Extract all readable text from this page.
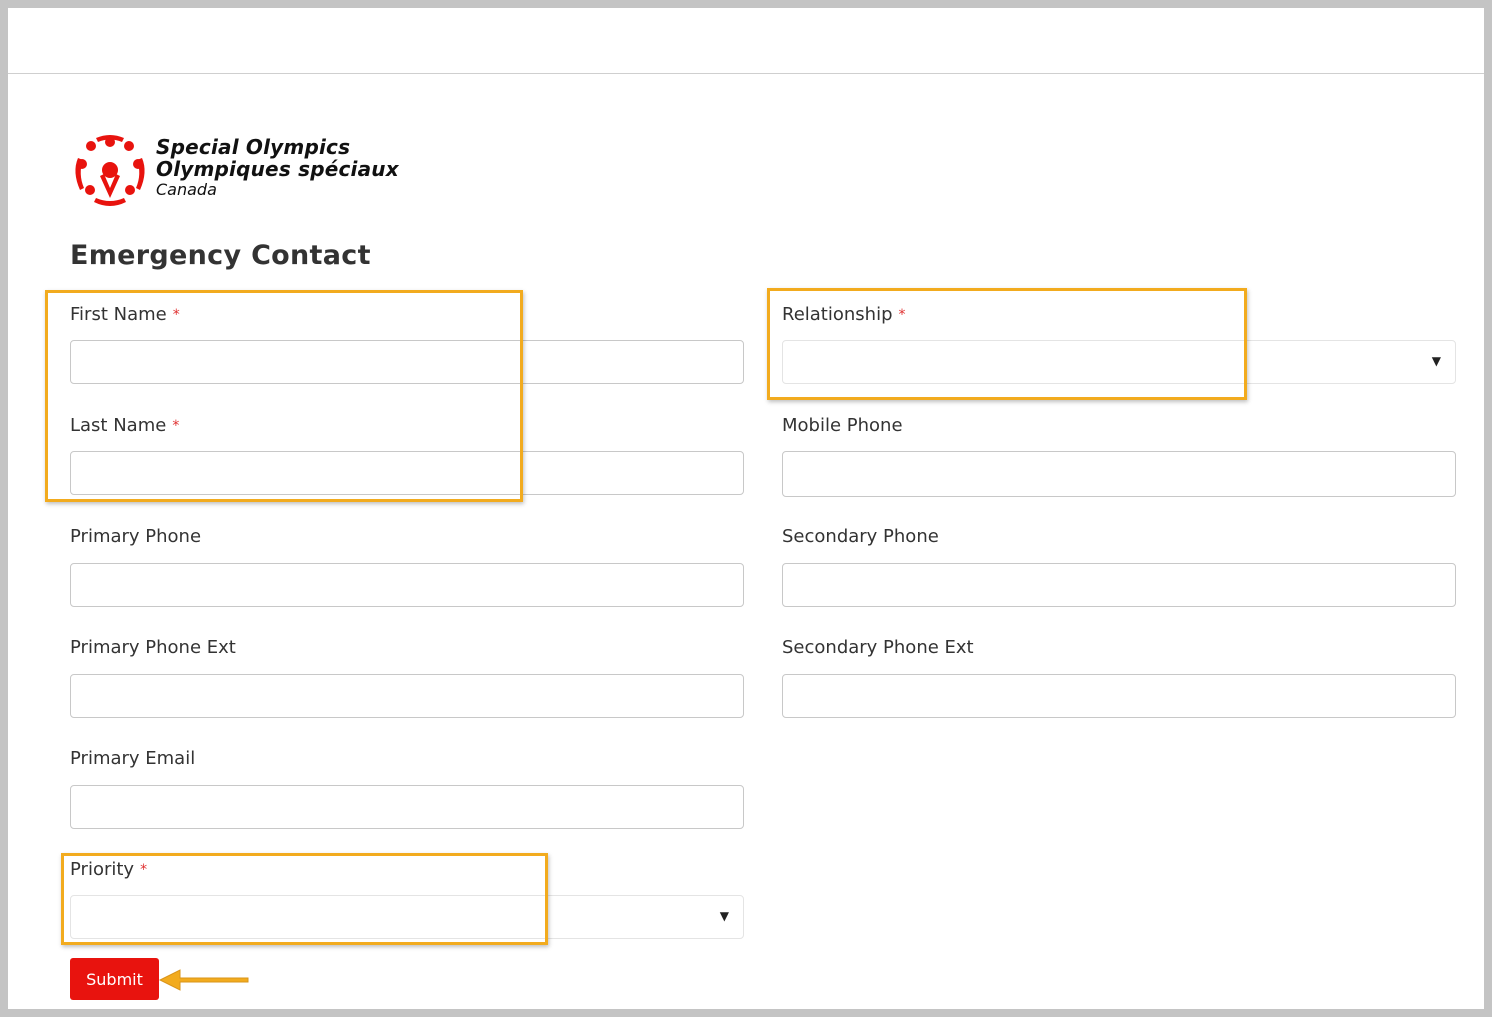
Special Olympics
Olympiques spéciaux
Canada
Emergency Contact
First Name *
Last Name *
Primary Phone
Primary Phone Ext
Primary Email
Priority *
▼
Relationship *
▼
Mobile Phone
Secondary Phone
Secondary Phone Ext
Submit
